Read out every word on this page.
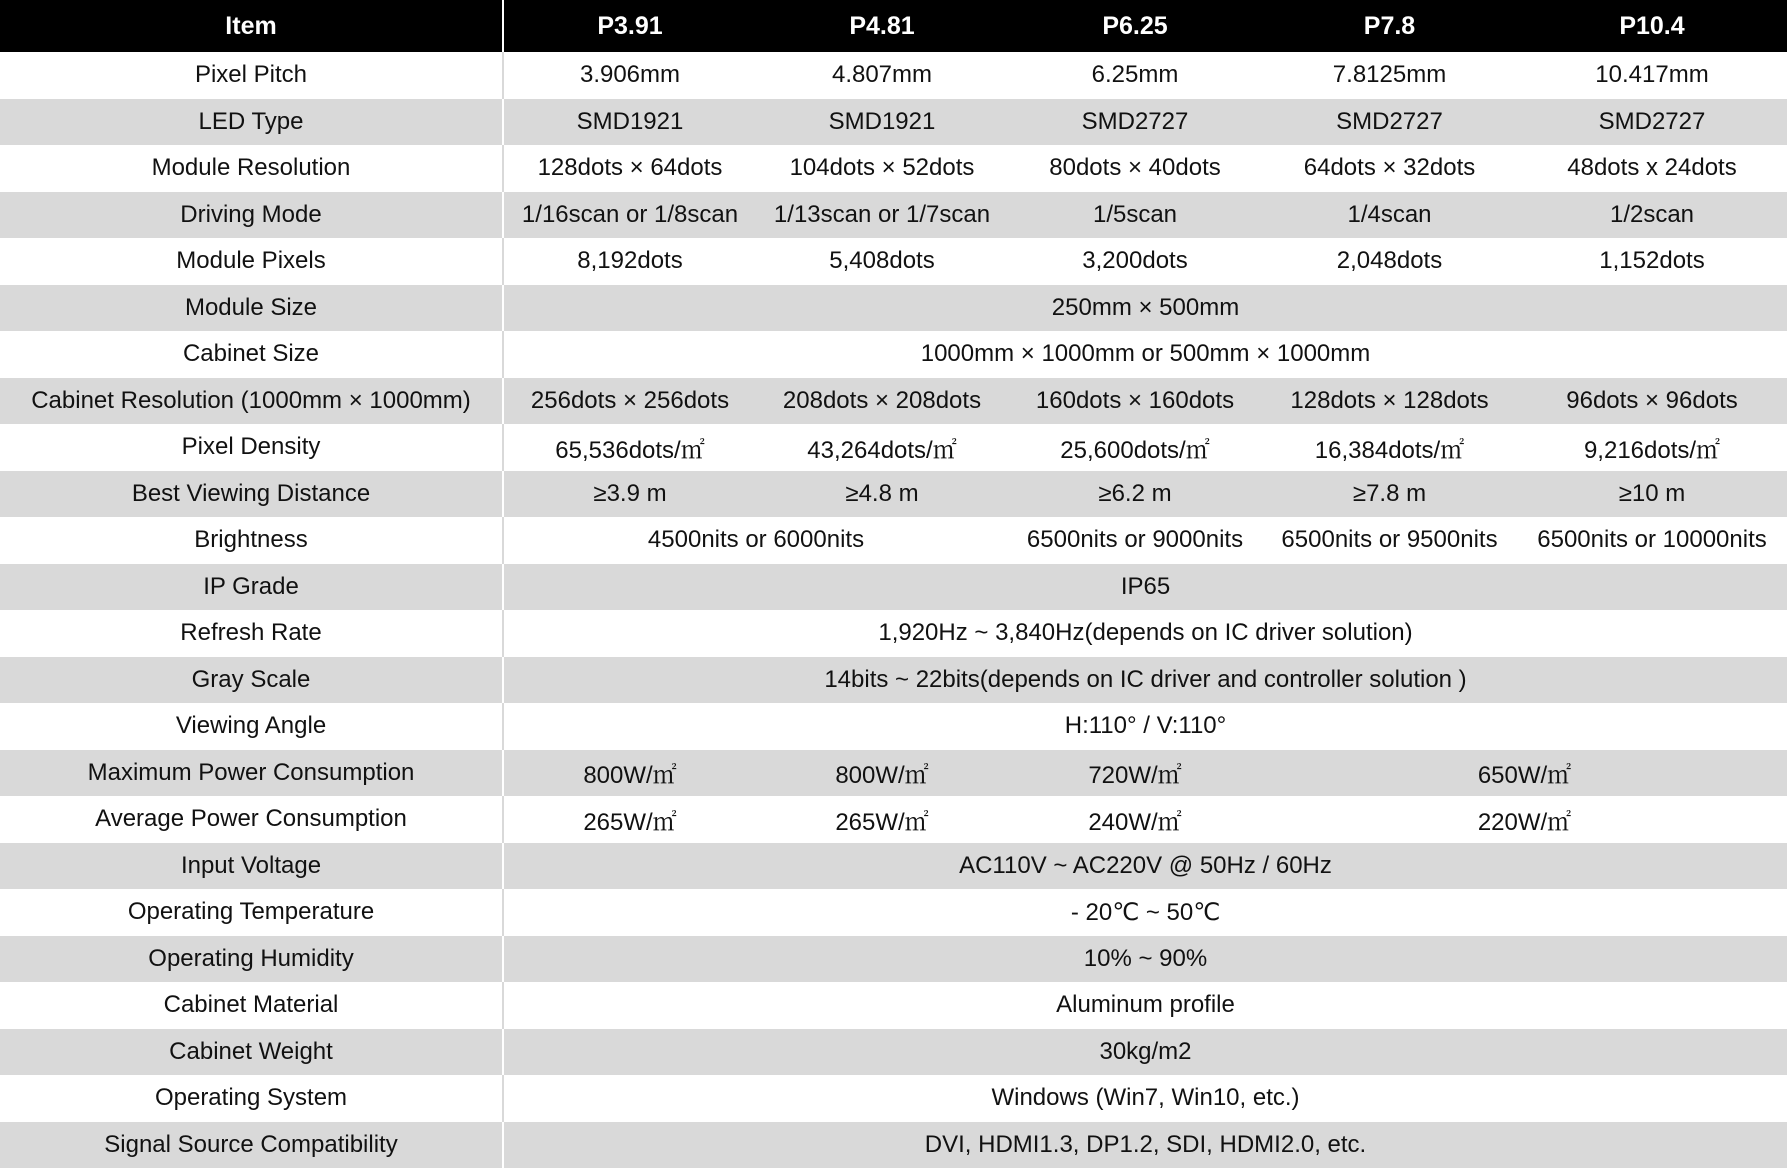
Item	P3.91	P4.81	P6.25	P7.8	P10.4
Pixel Pitch	3.906mm	4.807mm	6.25mm	7.8125mm	10.417mm
LED Type	SMD1921	SMD1921	SMD2727	SMD2727	SMD2727
Module Resolution	128dots × 64dots	104dots × 52dots	80dots × 40dots	64dots × 32dots	48dots x 24dots
Driving Mode	1/16scan or 1/8scan	1/13scan or 1/7scan	1/5scan	1/4scan	1/2scan
Module Pixels	8,192dots	5,408dots	3,200dots	2,048dots	1,152dots
Module Size	250mm × 500mm				
Cabinet Size	1000mm × 1000mm or 500mm × 1000mm				
Cabinet Resolution (1000mm × 1000mm)	256dots × 256dots	208dots × 208dots	160dots × 160dots	128dots × 128dots	96dots × 96dots
Pixel Density	65,536dots/㎡	43,264dots/㎡	25,600dots/㎡	16,384dots/㎡	9,216dots/㎡
Best Viewing Distance	≥3.9 m	≥4.8 m	≥6.2 m	≥7.8 m	≥10 m
Brightness	4500nits or 6000nits		6500nits or 9000nits	6500nits or 9500nits	6500nits or 10000nits
IP Grade	IP65				
Refresh Rate	1,920Hz ~ 3,840Hz(depends on IC driver solution)				
Gray Scale	14bits ~ 22bits(depends on IC driver and controller solution )				
Viewing Angle	H:110° / V:110°				
Maximum Power Consumption	800W/㎡	800W/㎡	720W/㎡	650W/㎡	
Average Power Consumption	265W/㎡	265W/㎡	240W/㎡	220W/㎡	
Input Voltage	AC110V ~ AC220V @ 50Hz / 60Hz				
Operating Temperature	- 20℃ ~ 50℃				
Operating Humidity	10% ~ 90%				
Cabinet Material	Aluminum profile				
Cabinet Weight	30kg/m2				
Operating System	Windows (Win7, Win10, etc.)				
Signal Source Compatibility	DVI, HDMI1.3, DP1.2, SDI, HDMI2.0, etc.				
